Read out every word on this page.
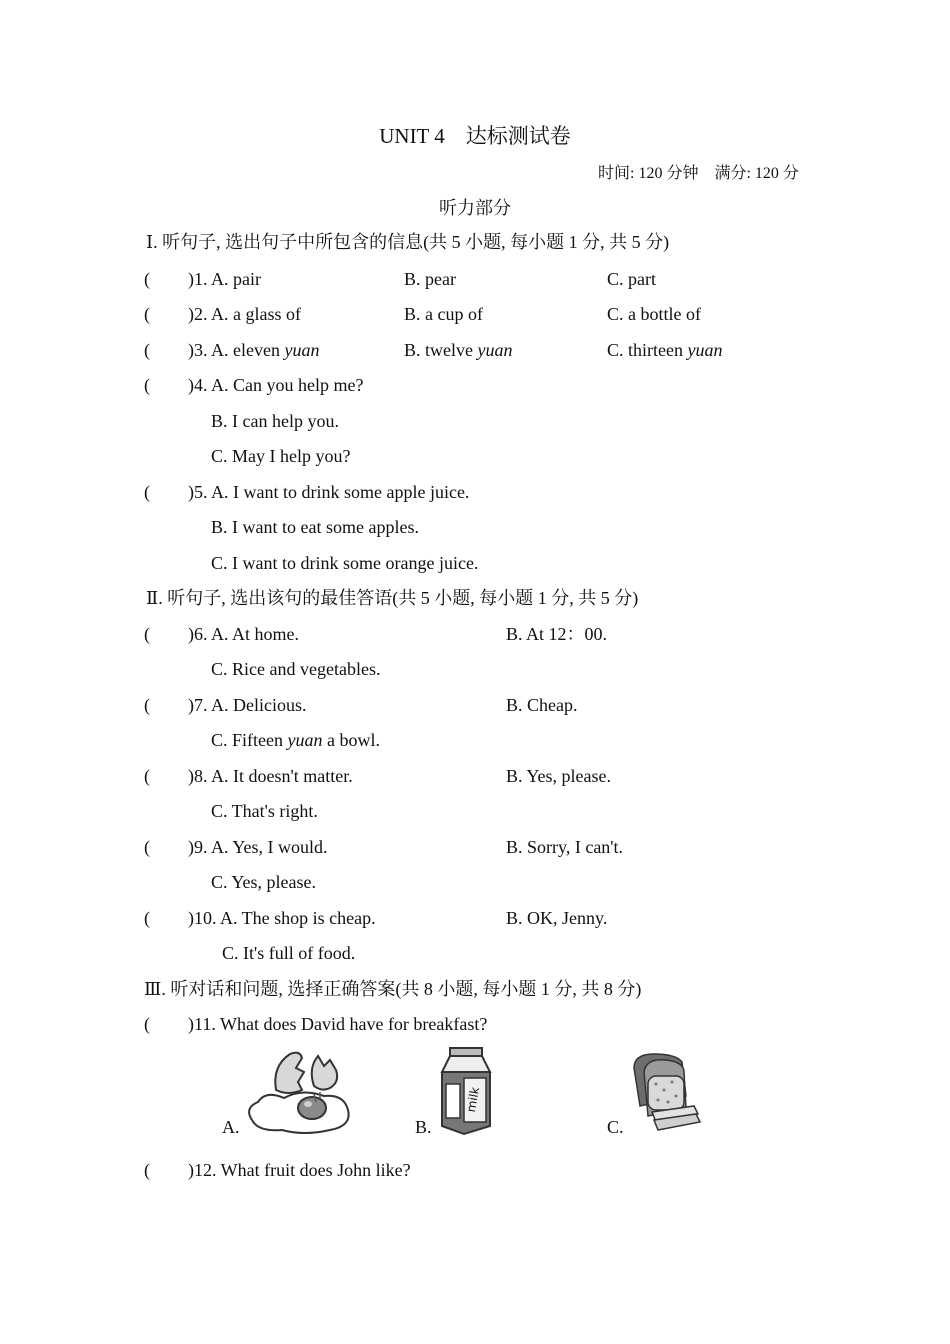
UNIT 4　达标测试卷
时间: 120 分钟　满分: 120 分
听力部分
Ⅰ. 听句子, 选出句子中所包含的信息(共 5 小题, 每小题 1 分, 共 5 分)
( )1. A. pair	B. pear	C. part
( )2. A. a glass of	B. a cup of	C. a bottle of
( )3. A. eleven yuan	B. twelve yuan	C. thirteen yuan
( )4. A. Can you help me?
B. I can help you.
C. May I help you?
( )5. A. I want to drink some apple juice.
B. I want to eat some apples.
C. I want to drink some orange juice.
Ⅱ. 听句子, 选出该句的最佳答语(共 5 小题, 每小题 1 分, 共 5 分)
( )6. A. At home.	B. At 12：00.
C. Rice and vegetables.
( )7. A. Delicious.	B. Cheap.
C. Fifteen yuan a bowl.
( )8. A. It doesn't matter.	B. Yes, please.
C. That's right.
( )9. A. Yes, I would.	B. Sorry, I can't.
C. Yes, please.
( )10. A. The shop is cheap.	B. OK, Jenny.
C. It's full of food.
Ⅲ. 听对话和问题, 选择正确答案(共 8 小题, 每小题 1 分, 共 8 分)
( )11. What does David have for breakfast?
A.	B.
milk
C.
( )12. What fruit does John like?
